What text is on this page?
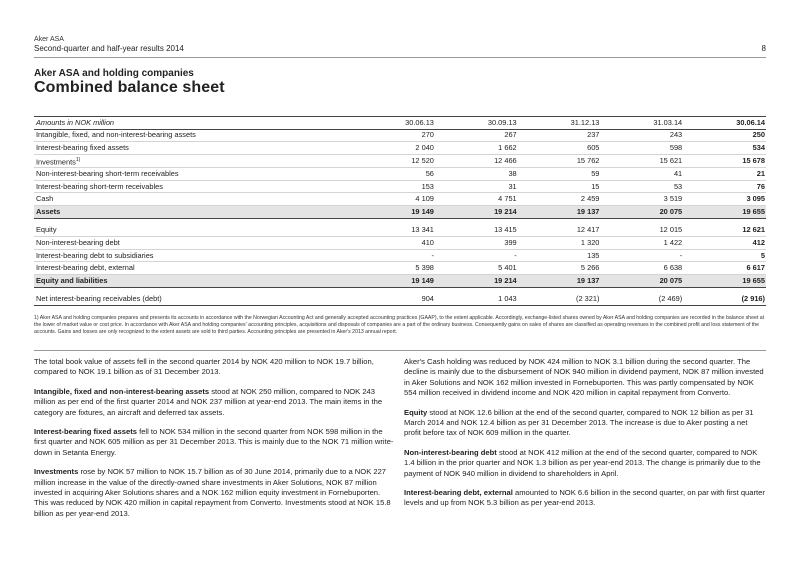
Aker ASA
Second-quarter and half-year results 2014	8
Aker ASA and holding companies
Combined balance sheet
Amounts in NOK million	30.06.13	30.09.13	31.12.13	31.03.14	30.06.14
Intangible, fixed, and non-interest-bearing assets	270	267	237	243	250
Interest-bearing fixed assets	2 040	1 662	605	598	534
Investments$^{1)}$	12 520	12 466	15 762	15 621	15 678
Non-interest-bearing short-term receivables	56	38	59	41	21
Interest-bearing short-term receivables	153	31	15	53	76
Cash	4 109	4 751	2 459	3 519	3 095
Assets	19 149	19 214	19 137	20 075	19 655

Equity	13 341	13 415	12 417	12 015	12 621
Non-interest-bearing debt	410	399	1 320	1 422	412
Interest-bearing debt to subsidiaries	-	-	135	-	5
Interest-bearing debt, external	5 398	5 401	5 266	6 638	6 617
Equity and liabilities	19 149	19 214	19 137	20 075	19 655

Net interest-bearing receivables (debt)	904	1 043	(2 321)	(2 469)	(2 916)
1) Aker ASA and holding companies prepares and presents its accounts in accordance with the Norwegian Accounting Act and generally accepted accounting practices (GAAP), to the extent applicable. Accordingly, exchange-listed shares owned by Aker ASA and holding companies are recorded in the balance sheet at the lower of market value or cost price. In accordance with Aker ASA and holding companies' accounting principles, acquisitions and disposals of companies are a part of the ordinary business. Consequently gains on sales of shares are classified as operating revenues in the combined profit and loss statement of the accounts. Gains and losses are only recognized to the extent assets are sold to third parties. Accounting principles are presented in Aker's 2013 annual report.

The total book value of assets fell in the second quarter 2014 by NOK 420 million to NOK 19.7 billion, compared to NOK 19.1 billion as of 31 December 2013.

Intangible, fixed and non-interest-bearing assets stood at NOK 250 million, compared to NOK 243 million as per end of the first quarter 2014 and NOK 237 million at year-end 2013. The main items in the category are fixtures, an aircraft and deferred tax assets.

Interest-bearing fixed assets fell to NOK 534 million in the second quarter from NOK 598 million in the first quarter and NOK 605 million as per 31 December 2013. This is mainly due to the NOK 71 million write-down in Setanta Energy.

Investments rose by NOK 57 million to NOK 15.7 billion as of 30 June 2014, primarily due to a NOK 227 million increase in the value of the directly-owned share investments in Aker Solutions, NOK 87 million invested in acquiring Aker Solutions shares and a NOK 162 million equity investment in Fornebuporten. This was reduced by NOK 420 million in capital repayment from Converto. Investments stood at NOK 15.8 billion as per year-end 2013.

Aker's Cash holding was reduced by NOK 424 million to NOK 3.1 billion during the second quarter. The decline is mainly due to the disbursement of NOK 940 million in dividend payment, NOK 87 million invested in Aker Solutions and NOK 162 million invested in Fornebuporten. This was partly compensated by NOK 554 million received in dividend income and NOK 420 million in capital repayment from Converto.

Equity stood at NOK 12.6 billion at the end of the second quarter, compared to NOK 12 billion as per 31 March 2014 and NOK 12.4 billion as per 31 December 2013. The increase is due to Aker posting a net profit before tax of NOK 609 million in the quarter.

Non-interest-bearing debt stood at NOK 412 million at the end of the second quarter, compared to NOK 1.4 billion in the prior quarter and NOK 1.3 billion as per year-end 2013. The change is primarily due to the payment of NOK 940 million in dividend to shareholders in April.

Interest-bearing debt, external amounted to NOK 6.6 billion in the second quarter, on par with first quarter levels and up from NOK 5.3 billion as per year-end 2013.
